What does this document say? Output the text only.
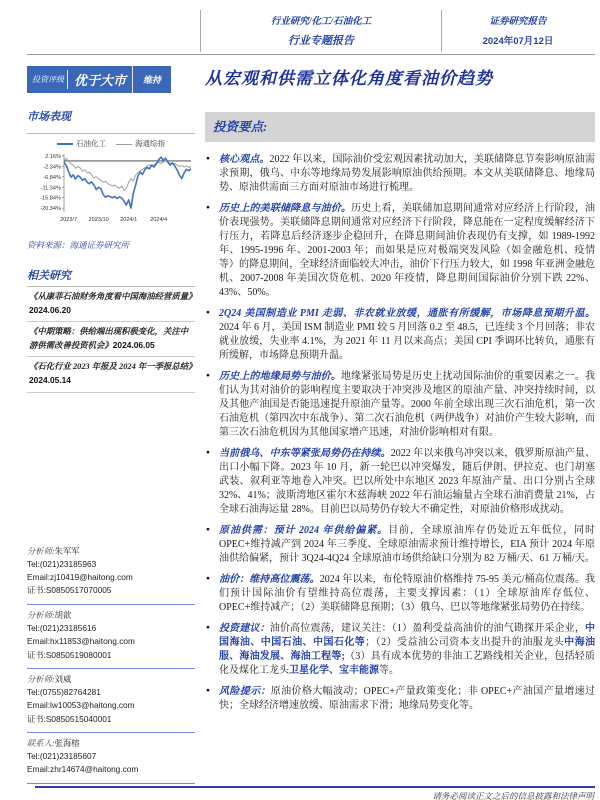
行业研究/化工/石油化工
行业专题报告
证券研究报告
2024年07月12日
投资评级 优于大市	维持	从宏观和供需立体化角度看油价趋势
市场表现
石油化工	海通综指
2.16%
-2.34%
-6.84%
-11.34%
-15.84%
-20.34%
2023/7 2023/10 2024/1 2024/4
资料来源：海通证券研究所
相关研究
《从康菲石油财务角度看中国海油经营质量》2024.06.20
《中期策略：供给端出现积极变化，关注中游供需改善投资机会》2024.06.05
《石化行业 2023 年报及 2024 年一季报总结》2024.05.14
分析师:朱军军
Tel:(021)23185963
Email:zj10419@haitong.com
证书:S0850517070005
分析师:胡歆
Tel:(021)23185616
Email:hx11853@haitong.com
证书:S0850519080001
分析师:刘威
Tel:(0755)82764281
Email:lw10053@haitong.com
证书:S0850515040001
联系人:张海榕
Tel:(021)23185607
Email:zhr14674@haitong.com
投资要点:
● 核心观点。2022 年以来，国际油价受宏观因素扰动加大，美联储降息节奏影响原油需求预期，俄乌、中东等地缘局势发展影响原油供给预期。本文从美联储降息、地缘局势、原油供需面三方面对原油市场进行梳理。
● 历史上的美联储降息与油价。历史上看，美联储加息期间通常对应经济上行阶段，油价表现强势。美联储降息期间通常对应经济下行阶段，降息能在一定程度缓解经济下行压力，若降息后经济逐步企稳回升，在降息期间油价表现仍有支撑，如 1989-1992 年、1995-1996 年、2001-2003 年；而如果是应对极端突发风险（如金融危机、疫情等）的降息期间，全球经济面临较大冲击，油价下行压力较大，如 1998 年亚洲金融危机、2007-2008 年美国次贷危机、2020 年疫情，降息期间国际油价分别下跌 22%、43%、50%。
● 2Q24 美国制造业 PMI 走弱、非农就业放缓，通胀有所缓解，市场降息预期升温。2024 年 6 月，美国 ISM 制造业 PMI 较 5 月回落 0.2 至 48.5，已连续 3 个月回落；非农就业放缓，失业率 4.1%，为 2021 年 11 月以来高点；美国 CPI 季调环比转负，通胀有所缓解，市场降息预期升温。
● 历史上的地缘局势与油价。地缘紧张局势是历史上扰动国际油价的重要因素之一。我们认为其对油价的影响程度主要取决于冲突涉及地区的原油产量、冲突持续时间，以及其他产油国是否能迅速提升原油产量等。2000 年前全球出现三次石油危机，第一次石油危机（第四次中东战争）、第二次石油危机（两伊战争）对油价产生较大影响，而第三次石油危机因为其他国家增产迅速，对油价影响相对有限。
● 当前俄乌、中东等紧张局势仍在持续。2022 年以来俄乌冲突以来，俄罗斯原油产量、出口小幅下降。2023 年 10 月，新一轮巴以冲突爆发，随后伊朗、伊拉克、也门胡塞武装、叙利亚等地卷入冲突。巴以所处中东地区 2023 年原油产量、出口分别占全球 32%、41%；波斯湾地区霍尔木兹海峡 2022 年石油运输量占全球石油消费量 21%，占全球石油海运量 28%。目前巴以局势仍存较大不确定性，对原油价格形成扰动。
● 原油供需：预计 2024 年供给偏紧。目前，全球原油库存仍处近五年低位，同时 OPEC+维持减产到 2024 年三季度、全球原油需求预计维持增长，EIA 预计 2024 年原油供给偏紧，预计 3Q24-4Q24 全球原油市场供给缺口分别为 82 万桶/天、61 万桶/天。
● 油价：维持高位震荡。2024 年以来，布伦特原油价格维持 75-95 美元/桶高位震荡。我们预计国际油价有望维持高位震荡，主要支撑因素：（1）全球原油库存低位、OPEC+维持减产；（2）美联储降息预期；（3）俄乌、巴以等地缘紧张局势仍在持续。
● 投资建议：油价高位震荡，建议关注：（1）盈利受益高油价的油气勘探开采企业，中国海油、中国石油、中国石化等；（2）受益油公司资本支出提升的油服龙头中海油服、海油发展、海油工程等;（3）具有成本优势的非油工艺路线相关企业，包括轻质化及煤化工龙头卫星化学、宝丰能源等。
● 风险提示：原油价格大幅波动；OPEC+产量政策变化；非 OPEC+产油国产量增速过快；全球经济增速放缓、原油需求下滑；地缘局势变化等。
请务必阅读正文之后的信息披露和法律声明
